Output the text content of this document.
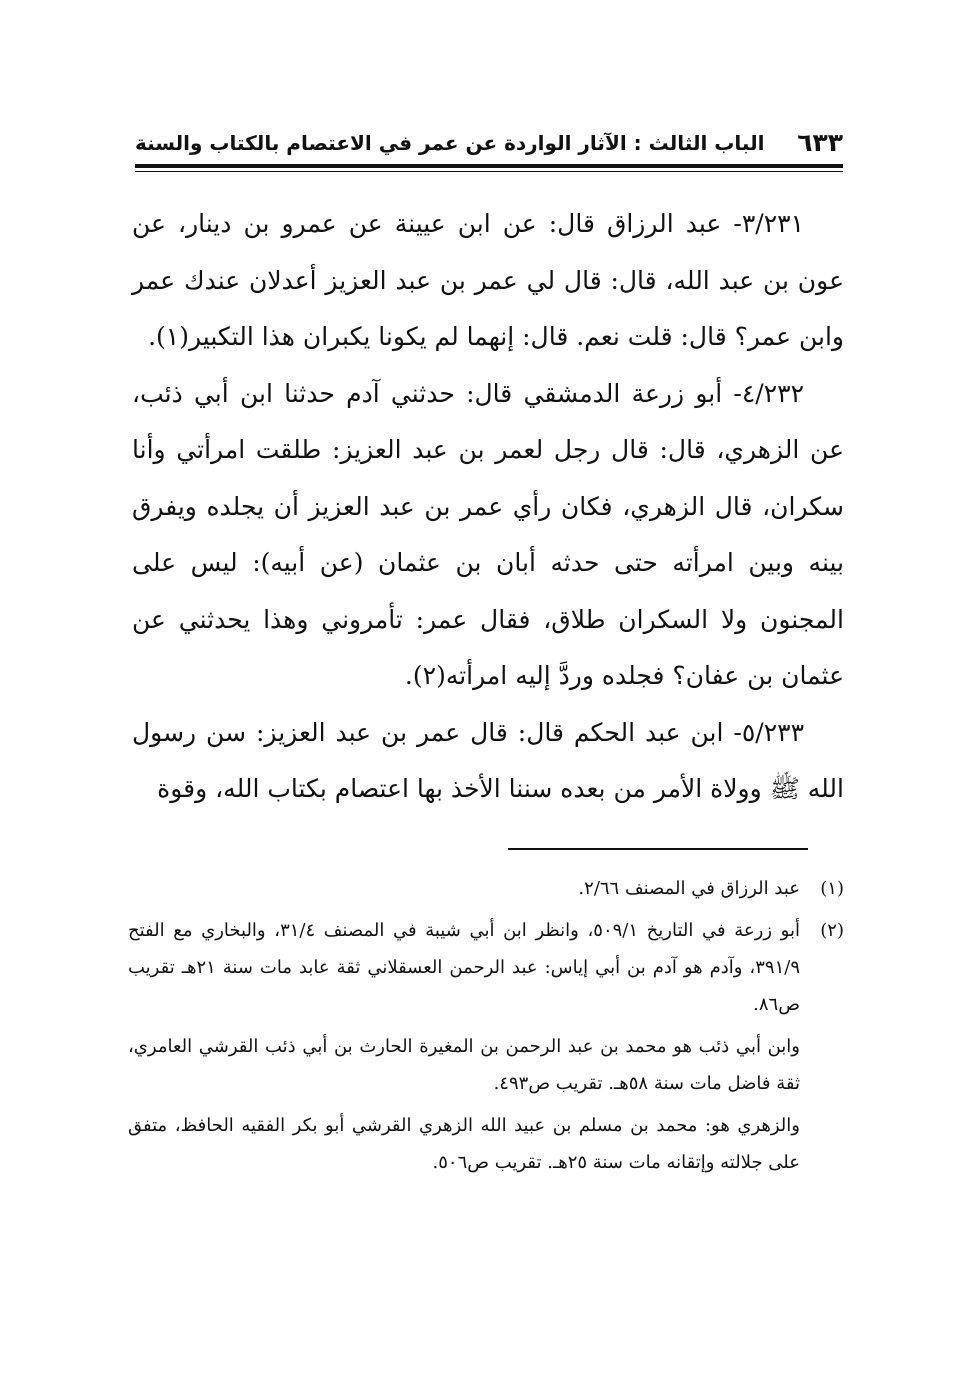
٦٣٣
الباب الثالث : الآثار الواردة عن عمر في الاعتصام بالكتاب والسنة

٣/٢٣١- عبد الرزاق قال: عن ابن عيينة عن عمرو بن دينار، عن عون بن عبد الله، قال: قال لي عمر بن عبد العزيز أعدلان عندك عمر وابن عمر؟ قال: قلت نعم. قال: إنهما لم يكونا يكبران هذا التكبير(١).

٤/٢٣٢- أبو زرعة الدمشقي قال: حدثني آدم حدثنا ابن أبي ذئب، عن الزهري، قال: قال رجل لعمر بن عبد العزيز: طلقت امرأتي وأنا سكران، قال الزهري، فكان رأي عمر بن عبد العزيز أن يجلده ويفرق بينه وبين امرأته حتى حدثه أبان بن عثمان (عن أبيه): ليس على المجنون ولا السكران طلاق، فقال عمر: تأمروني وهذا يحدثني عن عثمان بن عفان؟ فجلده وردَّ إليه امرأته(٢).

٥/٢٣٣- ابن عبد الحكم قال: قال عمر بن عبد العزيز: سن رسول الله ﷺ وولاة الأمر من بعده سننا الأخذ بها اعتصام بكتاب الله، وقوة

(١)

عبد الرزاق في المصنف ٢/٦٦.

(٢)

أبو زرعة في التاريخ ٥٠٩/١، وانظر ابن أبي شيبة في المصنف ٣١/٤، والبخاري مع الفتح ٣٩١/٩، وآدم هو آدم بن أبي إياس: عبد الرحمن العسقلاني ثقة عابد مات سنة ٢١هـ تقريب ص٨٦.

وابن أبي ذئب هو محمد بن عبد الرحمن بن المغيرة الحارث بن أبي ذئب القرشي العامري، ثقة فاضل مات سنة ٥٨هـ. تقريب ص٤٩٣.

والزهري هو: محمد بن مسلم بن عبيد الله الزهري القرشي أبو بكر الفقيه الحافظ، متفق على جلالته وإتقانه مات سنة ٢٥هـ. تقريب ص٥٠٦.
